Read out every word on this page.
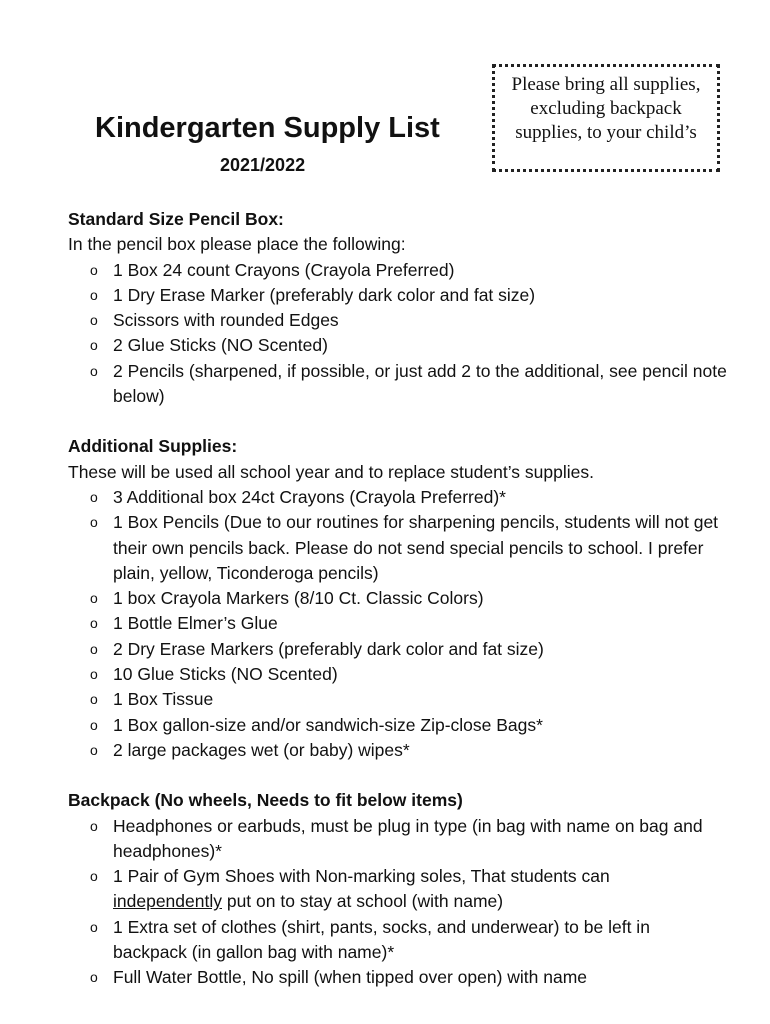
Kindergarten Supply List
2021/2022
Please bring all supplies, excluding backpack supplies, to your child’s
Standard Size Pencil Box:
In the pencil box please place the following:
o 1 Box 24 count Crayons (Crayola Preferred)
o 1 Dry Erase Marker (preferably dark color and fat size)
o Scissors with rounded Edges
o 2 Glue Sticks (NO Scented)
o 2 Pencils (sharpened, if possible, or just add 2 to the additional, see pencil note below)
Additional Supplies:
These will be used all school year and to replace student’s supplies.
o 3 Additional box 24ct Crayons (Crayola Preferred)*
o 1 Box Pencils (Due to our routines for sharpening pencils, students will not get their own pencils back. Please do not send special pencils to school. I prefer plain, yellow, Ticonderoga pencils)
o 1 box Crayola Markers (8/10 Ct. Classic Colors)
o 1 Bottle Elmer’s Glue
o 2 Dry Erase Markers (preferably dark color and fat size)
o 10 Glue Sticks (NO Scented)
o 1 Box Tissue
o 1 Box gallon-size and/or sandwich-size Zip-close Bags*
o 2 large packages wet (or baby) wipes*
Backpack (No wheels, Needs to fit below items)
o Headphones or earbuds, must be plug in type (in bag with name on bag and headphones)*
o 1 Pair of Gym Shoes with Non-marking soles, That students can
independently put on to stay at school (with name)
o 1 Extra set of clothes (shirt, pants, socks, and underwear) to be left in backpack (in gallon bag with name)*
o Full Water Bottle, No spill (when tipped over open) with name
